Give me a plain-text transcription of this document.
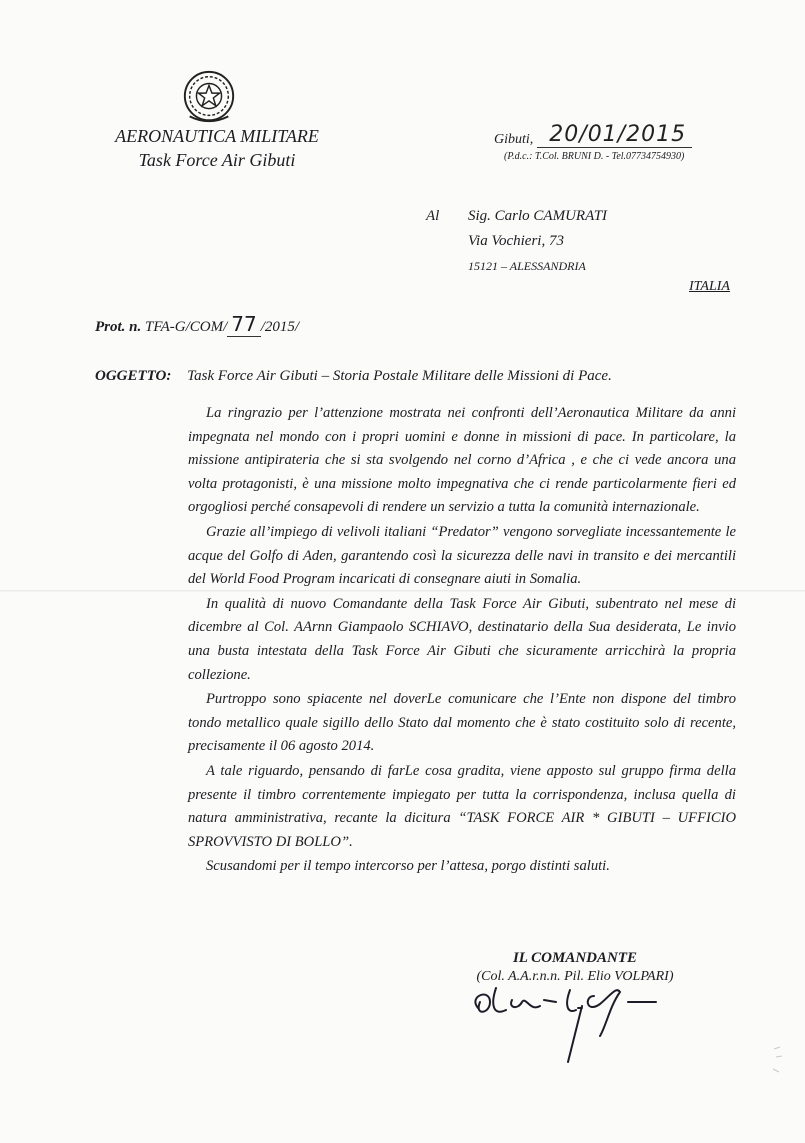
AERONAUTICA MILITARE
Task Force Air Gibuti
Gibuti, 20/01/2015
(P.d.c.: T.Col. BRUNI D. - Tel.07734754930)
Al Sig. Carlo CAMURATI
Via Vochieri, 73
15121 – ALESSANDRIA
ITALIA
Prot. n. TFA-G/COM/ 77 /2015/
OGGETTO: Task Force Air Gibuti – Storia Postale Militare delle Missioni di Pace.

La ringrazio per l’attenzione mostrata nei confronti dell’Aeronautica Militare da anni impegnata nel mondo con i propri uomini e donne in missioni di pace. In particolare, la missione antipirateria che si sta svolgendo nel corno d’Africa , e che ci vede ancora una volta protagonisti, è una missione molto impegnativa che ci rende particolarmente fieri ed orgogliosi perché consapevoli di rendere un servizio a tutta la comunità internazionale.

Grazie all’impiego di velivoli italiani “Predator” vengono sorvegliate incessantemente le acque del Golfo di Aden, garantendo così la sicurezza delle navi in transito e dei mercantili del World Food Program incaricati di consegnare aiuti in Somalia.

In qualità di nuovo Comandante della Task Force Air Gibuti, subentrato nel mese di dicembre al Col. AArnn Giampaolo SCHIAVO, destinatario della Sua desiderata, Le invio una busta intestata della Task Force Air Gibuti che sicuramente arricchirà la propria collezione.

Purtroppo sono spiacente nel doverLe comunicare che l’Ente non dispone del timbro tondo metallico quale sigillo dello Stato dal momento che è stato costituito solo di recente, precisamente il 06 agosto 2014.

A tale riguardo, pensando di farLe cosa gradita, viene apposto sul gruppo firma della presente il timbro correntemente impiegato per tutta la corrispondenza, inclusa quella di natura amministrativa, recante la dicitura “TASK FORCE AIR * GIBUTI – UFFICIO SPROVVISTO DI BOLLO”.

Scusandomi per il tempo intercorso per l’attesa, porgo distinti saluti.

IL COMANDANTE
(Col. A.A.r.n.n. Pil. Elio VOLPARI)
